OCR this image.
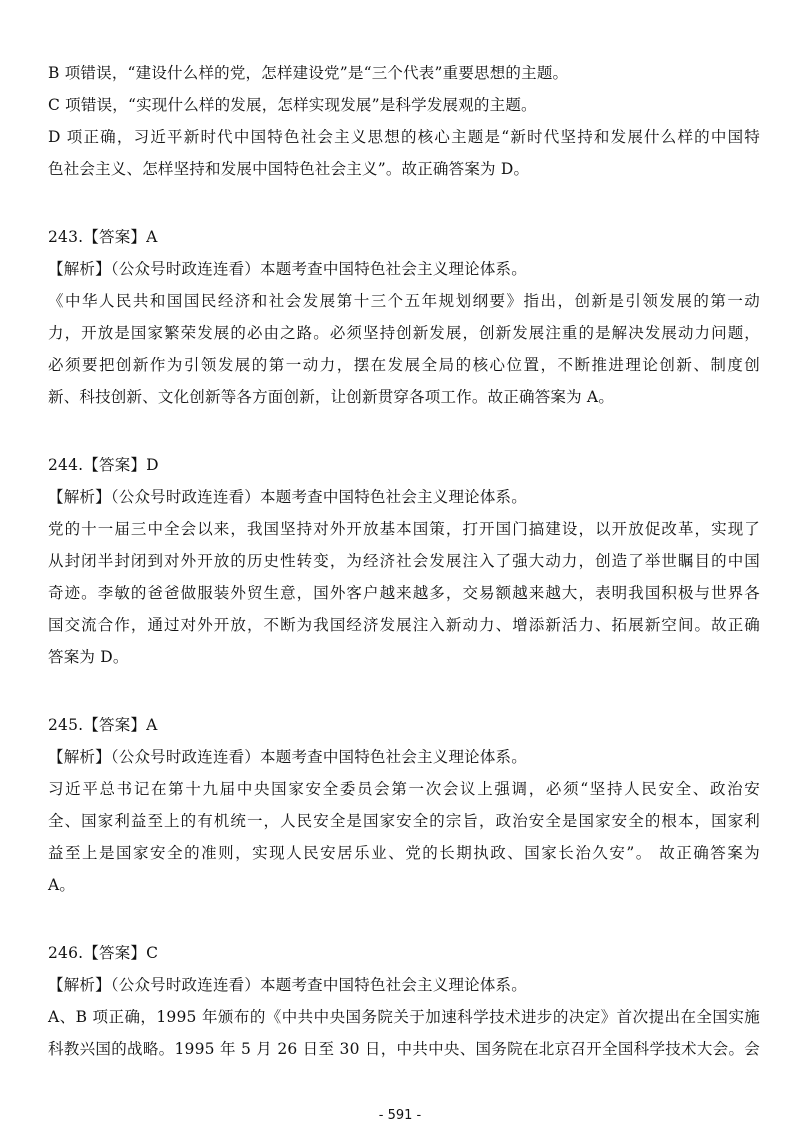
B 项错误，“建设什么样的党，怎样建设党”是“三个代表”重要思想的主题。
C 项错误，“实现什么样的发展，怎样实现发展”是科学发展观的主题。
D 项正确，习近平新时代中国特色社会主义思想的核心主题是“新时代坚持和发展什么样的中国特
色社会主义、怎样坚持和发展中国特色社会主义”。故正确答案为 D。
243.【答案】A
【解析】（公众号时政连连看）本题考查中国特色社会主义理论体系。
《中华人民共和国国民经济和社会发展第十三个五年规划纲要》指出，创新是引领发展的第一动
力，开放是国家繁荣发展的必由之路。必须坚持创新发展，创新发展注重的是解决发展动力问题，
必须要把创新作为引领发展的第一动力，摆在发展全局的核心位置，不断推进理论创新、制度创
新、科技创新、文化创新等各方面创新，让创新贯穿各项工作。故正确答案为 A。
244.【答案】D
【解析】（公众号时政连连看）本题考查中国特色社会主义理论体系。
党的十一届三中全会以来，我国坚持对外开放基本国策，打开国门搞建设，以开放促改革，实现了
从封闭半封闭到对外开放的历史性转变，为经济社会发展注入了强大动力，创造了举世瞩目的中国
奇迹。李敏的爸爸做服装外贸生意，国外客户越来越多，交易额越来越大，表明我国积极与世界各
国交流合作，通过对外开放，不断为我国经济发展注入新动力、增添新活力、拓展新空间。故正确
答案为 D。
245.【答案】A
【解析】（公众号时政连连看）本题考查中国特色社会主义理论体系。
习近平总书记在第十九届中央国家安全委员会第一次会议上强调，必须“坚持人民安全、政治安
全、国家利益至上的有机统一，人民安全是国家安全的宗旨，政治安全是国家安全的根本，国家利
益至上是国家安全的准则，实现人民安居乐业、党的长期执政、国家长治久安”。 故正确答案为
A。
246.【答案】C
【解析】（公众号时政连连看）本题考查中国特色社会主义理论体系。
A、B 项正确，1995 年颁布的《中共中央国务院关于加速科学技术进步的决定》首次提出在全国实施
科教兴国的战略。1995 年 5 月 26 日至 30 日，中共中央、国务院在北京召开全国科学技术大会。会
- 591 -
